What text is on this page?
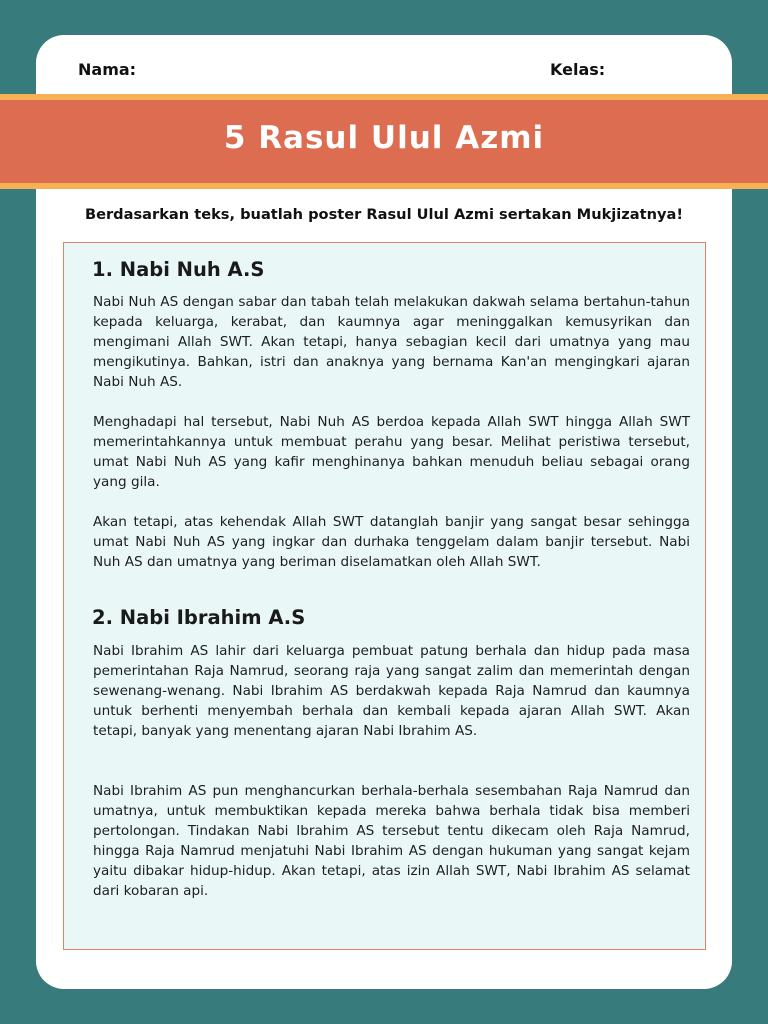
Nama:	Kelas:
5 Rasul Ulul Azmi
Berdasarkan teks, buatlah poster Rasul Ulul Azmi sertakan Mukjizatnya!
1. Nabi Nuh A.S
Nabi Nuh AS dengan sabar dan tabah telah melakukan dakwah selama bertahun-tahun kepada keluarga, kerabat, dan kaumnya agar meninggalkan kemusyrikan dan mengimani Allah SWT. Akan tetapi, hanya sebagian kecil dari umatnya yang mau mengikutinya. Bahkan, istri dan anaknya yang bernama Kan'an mengingkari ajaran Nabi Nuh AS.
Menghadapi hal tersebut, Nabi Nuh AS berdoa kepada Allah SWT hingga Allah SWT memerintahkannya untuk membuat perahu yang besar. Melihat peristiwa tersebut, umat Nabi Nuh AS yang kafir menghinanya bahkan menuduh beliau sebagai orang yang gila.
Akan tetapi, atas kehendak Allah SWT datanglah banjir yang sangat besar sehingga umat Nabi Nuh AS yang ingkar dan durhaka tenggelam dalam banjir tersebut. Nabi Nuh AS dan umatnya yang beriman diselamatkan oleh Allah SWT.
2. Nabi Ibrahim A.S
Nabi Ibrahim AS lahir dari keluarga pembuat patung berhala dan hidup pada masa pemerintahan Raja Namrud, seorang raja yang sangat zalim dan memerintah dengan sewenang-wenang. Nabi Ibrahim AS berdakwah kepada Raja Namrud dan kaumnya untuk berhenti menyembah berhala dan kembali kepada ajaran Allah SWT. Akan tetapi, banyak yang menentang ajaran Nabi Ibrahim AS.
Nabi Ibrahim AS pun menghancurkan berhala-berhala sesembahan Raja Namrud dan umatnya, untuk membuktikan kepada mereka bahwa berhala tidak bisa memberi pertolongan. Tindakan Nabi Ibrahim AS tersebut tentu dikecam oleh Raja Namrud, hingga Raja Namrud menjatuhi Nabi Ibrahim AS dengan hukuman yang sangat kejam yaitu dibakar hidup-hidup. Akan tetapi, atas izin Allah SWT, Nabi Ibrahim AS selamat dari kobaran api.
